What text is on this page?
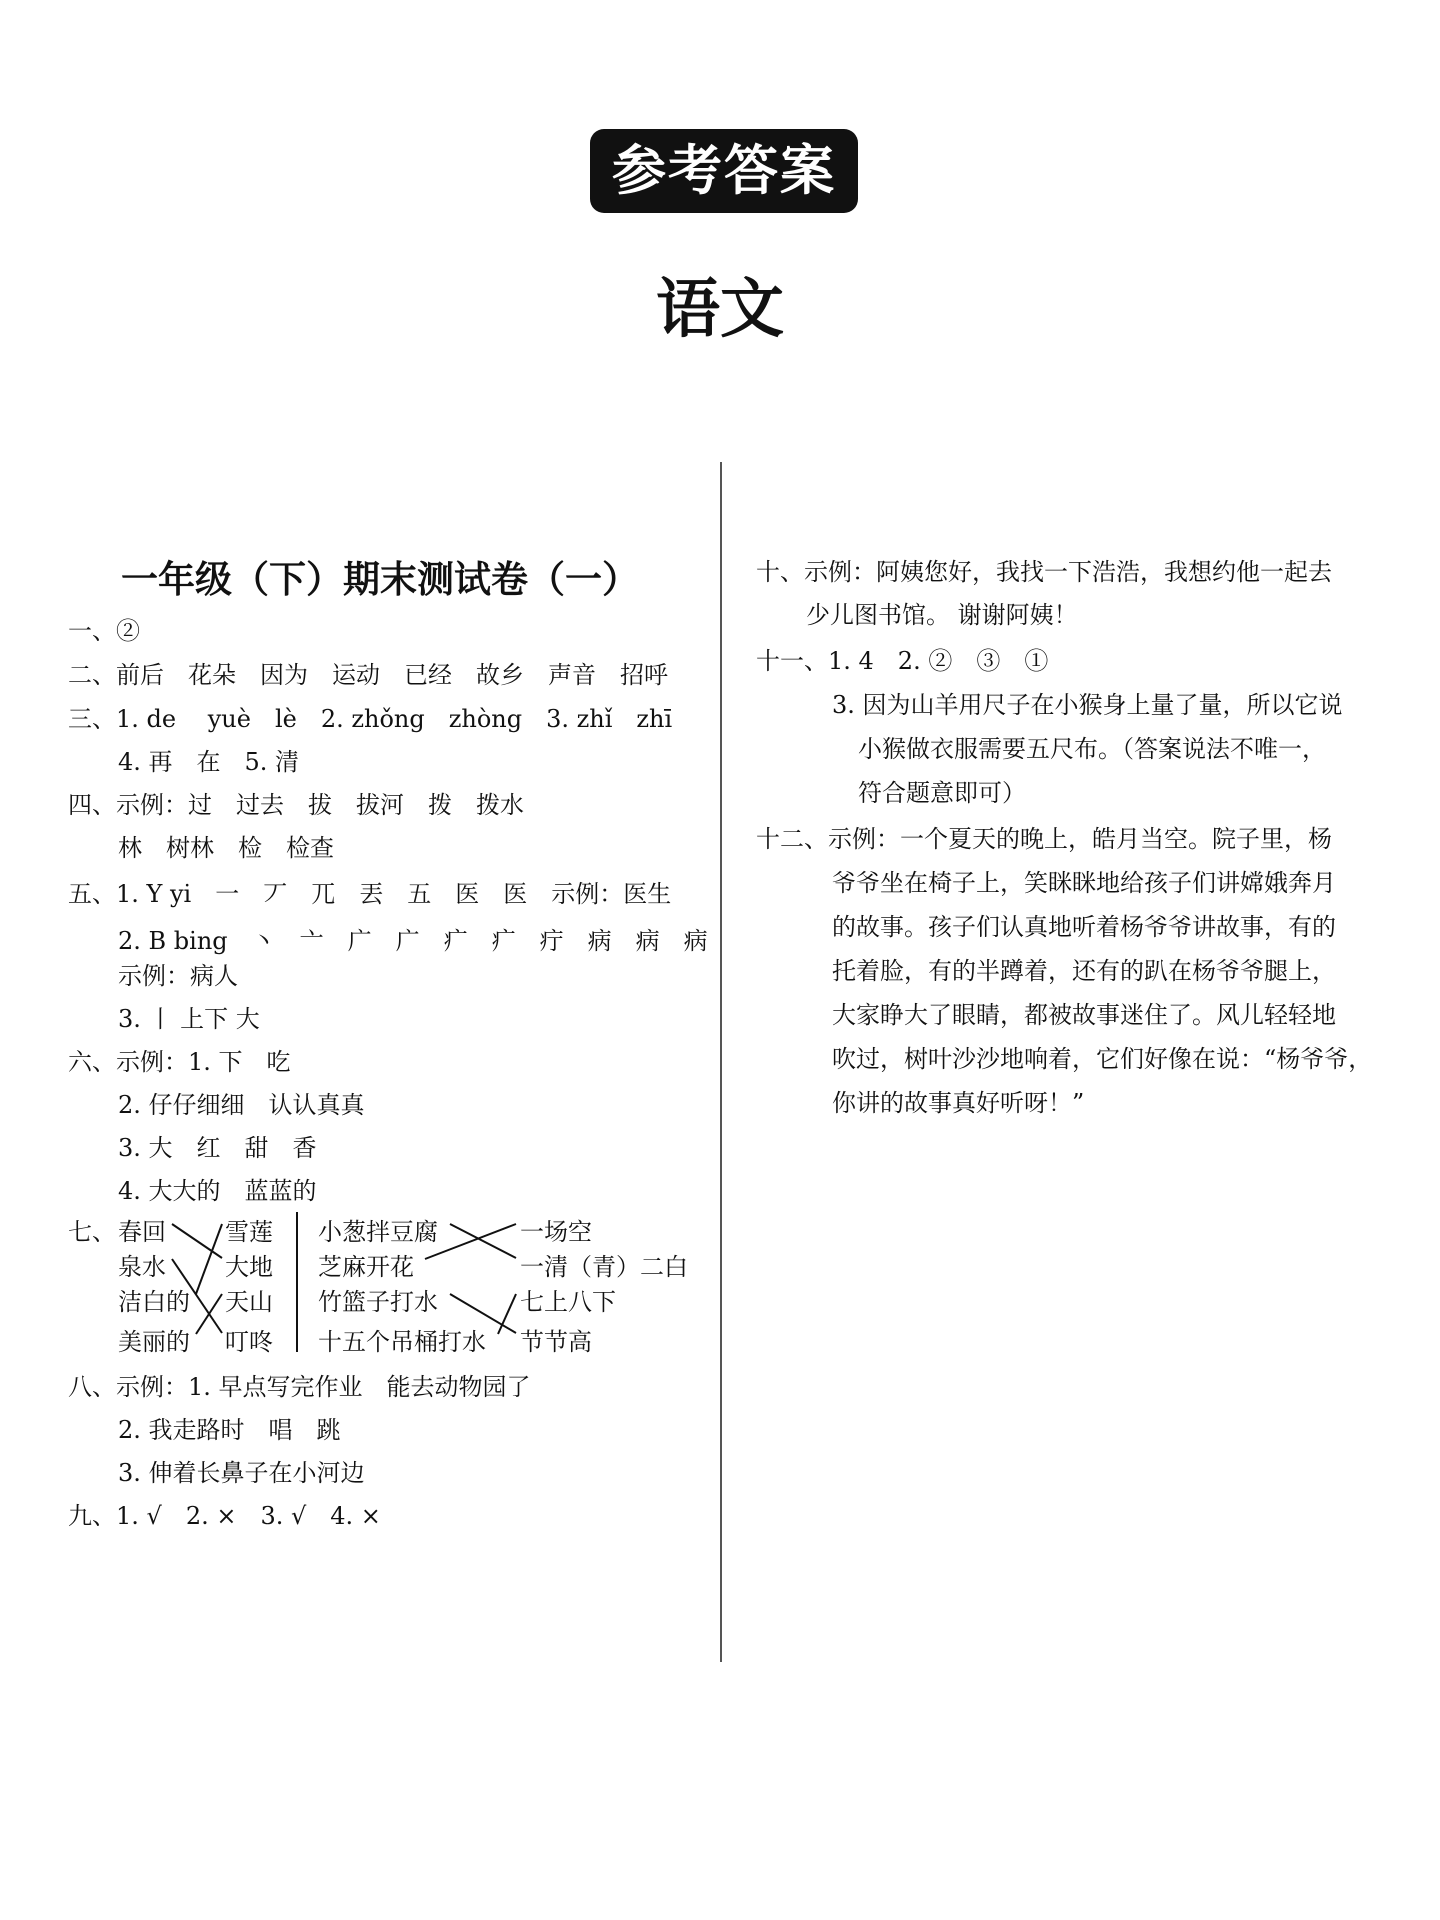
参考答案
语文
一年级（下）期末测试卷（一）
一、②
二、前后　花朵　因为　运动　已经　故乡　声音　招呼
三、1. de　 yuè　lè　2. zhǒng　zhòng　3. zhǐ　zhī
4. 再　在　5. 清
四、示例：过　过去　拔　拔河　拨　拨水
林　树林　检　检查
五、1. Y yi　一　丆　兀　丟　五　医　医　示例：医生
2. B bing　丶　亠　广　广　疒　疒　疔　病　病　病
示例：病人
3. 丨 上下 大
六、示例：1. 下　吃
2. 仔仔细细　认认真真
3. 大　红　甜　香
4. 大大的　蓝蓝的
七、 春回
泉水
洁白的
美丽的
雪莲
大地
天山
叮咚
小葱拌豆腐
芝麻开花
竹篮子打水
十五个吊桶打水
一场空
一清（青）二白
七上八下
节节高
八、示例：1. 早点写完作业　能去动物园了
2. 我走路时　唱　跳
3. 伸着长鼻子在小河边
九、1. √　2. ×　3. √　4. ×
十、示例：阿姨您好，我找一下浩浩，我想约他一起去
少儿图书馆。 谢谢阿姨！
十一、1. 4　2. ②　③　①
3. 因为山羊用尺子在小猴身上量了量，所以它说
小猴做衣服需要五尺布。（答案说法不唯一，
符合题意即可）
十二、示例：一个夏天的晚上，皓月当空。院子里，杨
爷爷坐在椅子上，笑眯眯地给孩子们讲嫦娥奔月
的故事。孩子们认真地听着杨爷爷讲故事，有的
托着脸，有的半蹲着，还有的趴在杨爷爷腿上，
大家睁大了眼睛，都被故事迷住了。风儿轻轻地
吹过，树叶沙沙地响着，它们好像在说：“杨爷爷，
你讲的故事真好听呀！”
